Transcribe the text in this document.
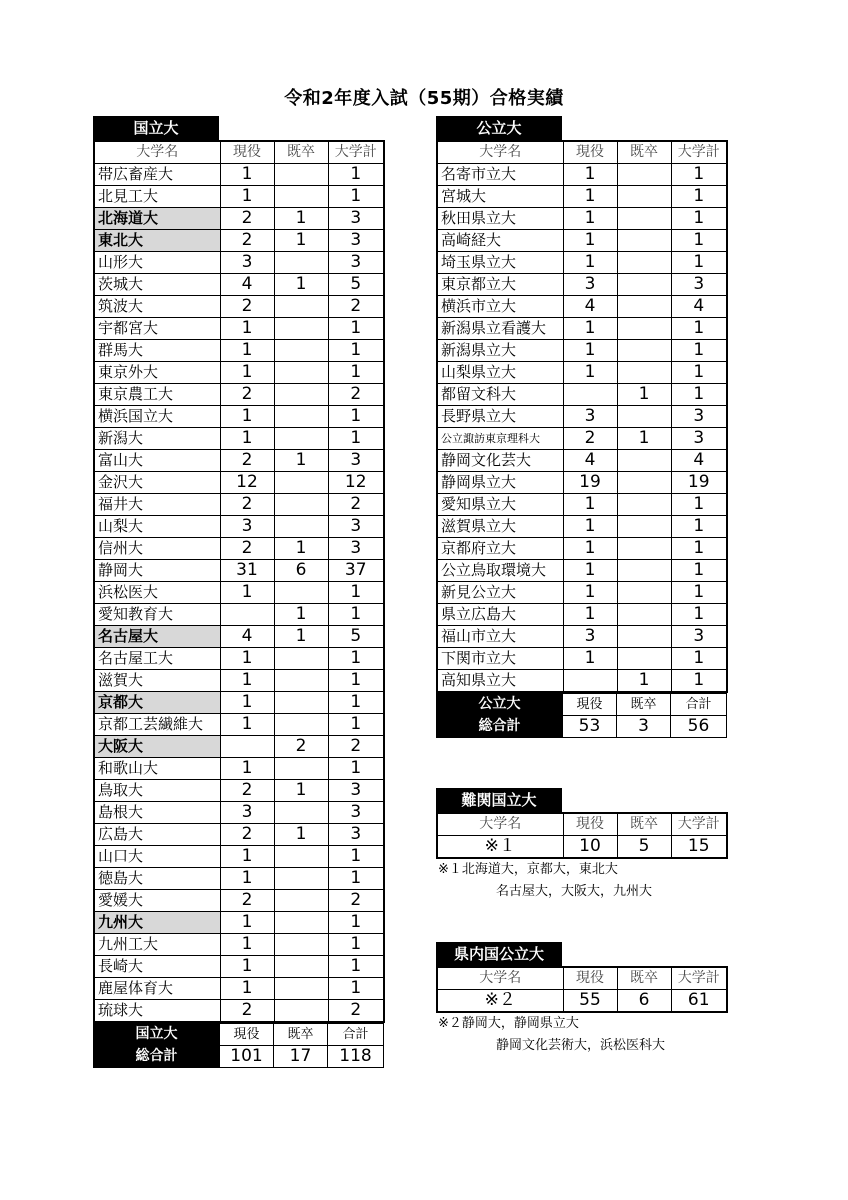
令和2年度入試（55期）合格実績
国立大
大学名	現役	既卒	大学計
帯広畜産大	1		1
北見工大	1		1
北海道大	2	1	3
東北大	2	1	3
山形大	3		3
茨城大	4	1	5
筑波大	2		2
宇都宮大	1		1
群馬大	1		1
東京外大	1		1
東京農工大	2		2
横浜国立大	1		1
新潟大	1		1
富山大	2	1	3
金沢大	12		12
福井大	2		2
山梨大	3		3
信州大	2	1	3
静岡大	31	6	37
浜松医大	1		1
愛知教育大		1	1
名古屋大	4	1	5
名古屋工大	1		1
滋賀大	1		1
京都大	1		1
京都工芸繊維大	1		1
大阪大		2	2
和歌山大	1		1
鳥取大	2	1	3
島根大	3		3
広島大	2	1	3
山口大	1		1
徳島大	1		1
愛媛大	2		2
九州大	1		1
九州工大	1		1
長崎大	1		1
鹿屋体育大	1		1
琉球大	2		2
国立大	現役	既卒	合計
総合計	101	17	118
公立大
大学名	現役	既卒	大学計
名寄市立大	1		1
宮城大	1		1
秋田県立大	1		1
高崎経大	1		1
埼玉県立大	1		1
東京都立大	3		3
横浜市立大	4		4
新潟県立看護大	1		1
新潟県立大	1		1
山梨県立大	1		1
都留文科大		1	1
長野県立大	3		3
公立諏訪東京理科大	2	1	3
静岡文化芸大	4		4
静岡県立大	19		19
愛知県立大	1		1
滋賀県立大	1		1
京都府立大	1		1
公立鳥取環境大	1		1
新見公立大	1		1
県立広島大	1		1
福山市立大	3		3
下関市立大	1		1
高知県立大		1	1
公立大	現役	既卒	合計
総合計	53	3	56
難関国立大
大学名	現役	既卒	大学計
※１	10	5	15
※１北海道大，京都大，東北大
名古屋大，大阪大，九州大
県内国公立大
大学名	現役	既卒	大学計
※２	55	6	61
※２静岡大，静岡県立大
静岡文化芸術大，浜松医科大
